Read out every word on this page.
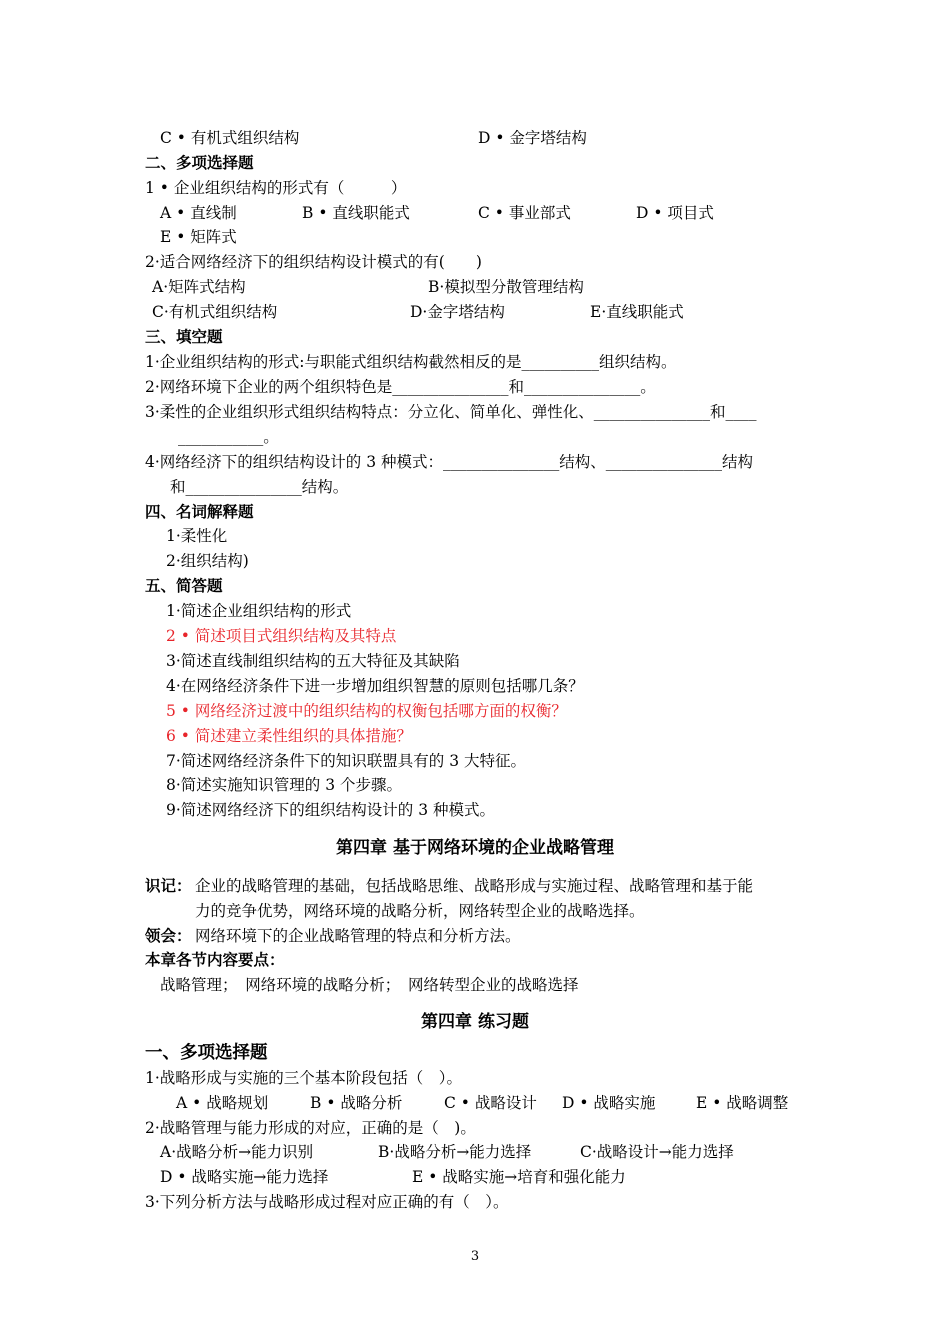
C • 有机式组织结构	D • 金字塔结构
二、多项选择题
1 • 企业组织结构的形式有（　　　）
A • 直线制	B • 直线职能式	C • 事业部式	D • 项目式
E • 矩阵式
2·适合网络经济下的组织结构设计模式的有(　　)
A·矩阵式结构	B·模拟型分散管理结构
C·有机式组织结构	D·金字塔结构	E·直线职能式
三、填空题
1·企业组织结构的形式:与职能式组织结构截然相反的是__________组织结构。
2·网络环境下企业的两个组织特色是_______________和_______________。
3·柔性的企业组织形式组织结构特点：分立化、简单化、弹性化、_______________和____
___________。
4·网络经济下的组织结构设计的 3 种模式：_______________结构、_______________结构
和_______________结构。
四、名词解释题
1·柔性化
2·组织结构)
五、简答题
1·简述企业组织结构的形式
2 • 简述项目式组织结构及其特点
3·简述直线制组织结构的五大特征及其缺陷
4·在网络经济条件下进一步增加组织智慧的原则包括哪几条？
5 • 网络经济过渡中的组织结构的权衡包括哪方面的权衡？
6 • 简述建立柔性组织的具体措施？
7·简述网络经济条件下的知识联盟具有的 3 大特征。
8·简述实施知识管理的 3 个步骤。
9·简述网络经济下的组织结构设计的 3 种模式。
第四章 基于网络环境的企业战略管理
识记： 企业的战略管理的基础，包括战略思维、战略形成与实施过程、战略管理和基于能
力的竞争优势，网络环境的战略分析，网络转型企业的战略选择。
领会： 网络环境下的企业战略管理的特点和分析方法。
本章各节内容要点：
战略管理；　网络环境的战略分析；　网络转型企业的战略选择
第四章 练习题
一、多项选择题
1·战略形成与实施的三个基本阶段包括（　）。
A • 战略规划	B • 战略分析	C • 战略设计 D • 战略实施	E • 战略调整
2·战略管理与能力形成的对应，正确的是（　)。
A·战略分析→能力识别	B·战略分析→能力选择	C·战略设计→能力选择
D • 战略实施→能力选择	E • 战略实施→培育和强化能力
3·下列分析方法与战略形成过程对应正确的有（　）。
3
